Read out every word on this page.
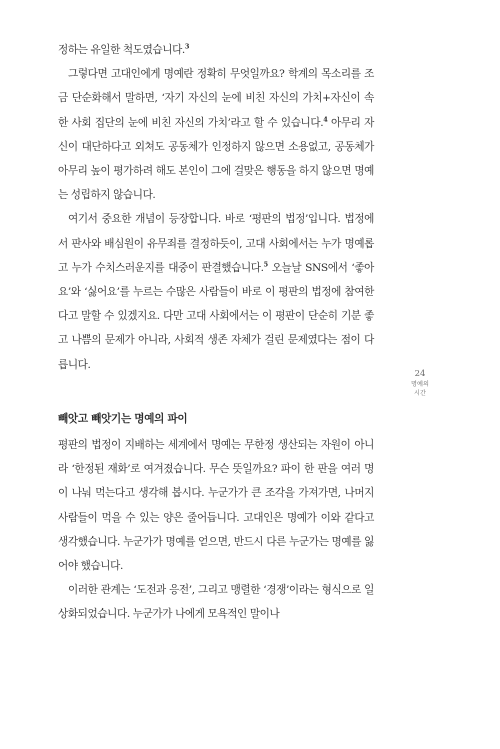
정하는 유일한 척도였습니다.$^3$

그렇다면 고대인에게 명예란 정확히 무엇일까요? 학계의 목소리를 조금 단순화해서 말하면, ‘자기 자신의 눈에 비친 자신의 가치+자신이 속한 사회 집단의 눈에 비친 자신의 가치’라고 할 수 있습니다.$^4$ 아무리 자신이 대단하다고 외쳐도 공동체가 인정하지 않으면 소용없고, 공동체가 아무리 높이 평가하려 해도 본인이 그에 걸맞은 행동을 하지 않으면 명예는 성립하지 않습니다.

여기서 중요한 개념이 등장합니다. 바로 ‘평판의 법정’입니다. 법정에서 판사와 배심원이 유무죄를 결정하듯이, 고대 사회에서는 누가 명예롭고 누가 수치스러운지를 대중이 판결했습니다.$^5$ 오늘날 SNS에서 ‘좋아요’와 ‘싫어요’를 누르는 수많은 사람들이 바로 이 평판의 법정에 참여한다고 말할 수 있겠지요. 다만 고대 사회에서는 이 평판이 단순히 기분 좋고 나쁨의 문제가 아니라, 사회적 생존 자체가 걸린 문제였다는 점이 다릅니다.

빼앗고 빼앗기는 명예의 파이

평판의 법정이 지배하는 세계에서 명예는 무한정 생산되는 자원이 아니라 ‘한정된 재화’로 여겨졌습니다. 무슨 뜻일까요? 파이 한 판을 여러 명이 나눠 먹는다고 생각해 봅시다. 누군가가 큰 조각을 가져가면, 나머지 사람들이 먹을 수 있는 양은 줄어듭니다. 고대인은 명예가 이와 같다고 생각했습니다. 누군가가 명예를 얻으면, 반드시 다른 누군가는 명예를 잃어야 했습니다.

이러한 관계는 ‘도전과 응전’, 그리고 맹렬한 ‘경쟁’이라는 형식으로 일상화되었습니다. 누군가가 나에게 모욕적인 말이나

24
명예의
시간
